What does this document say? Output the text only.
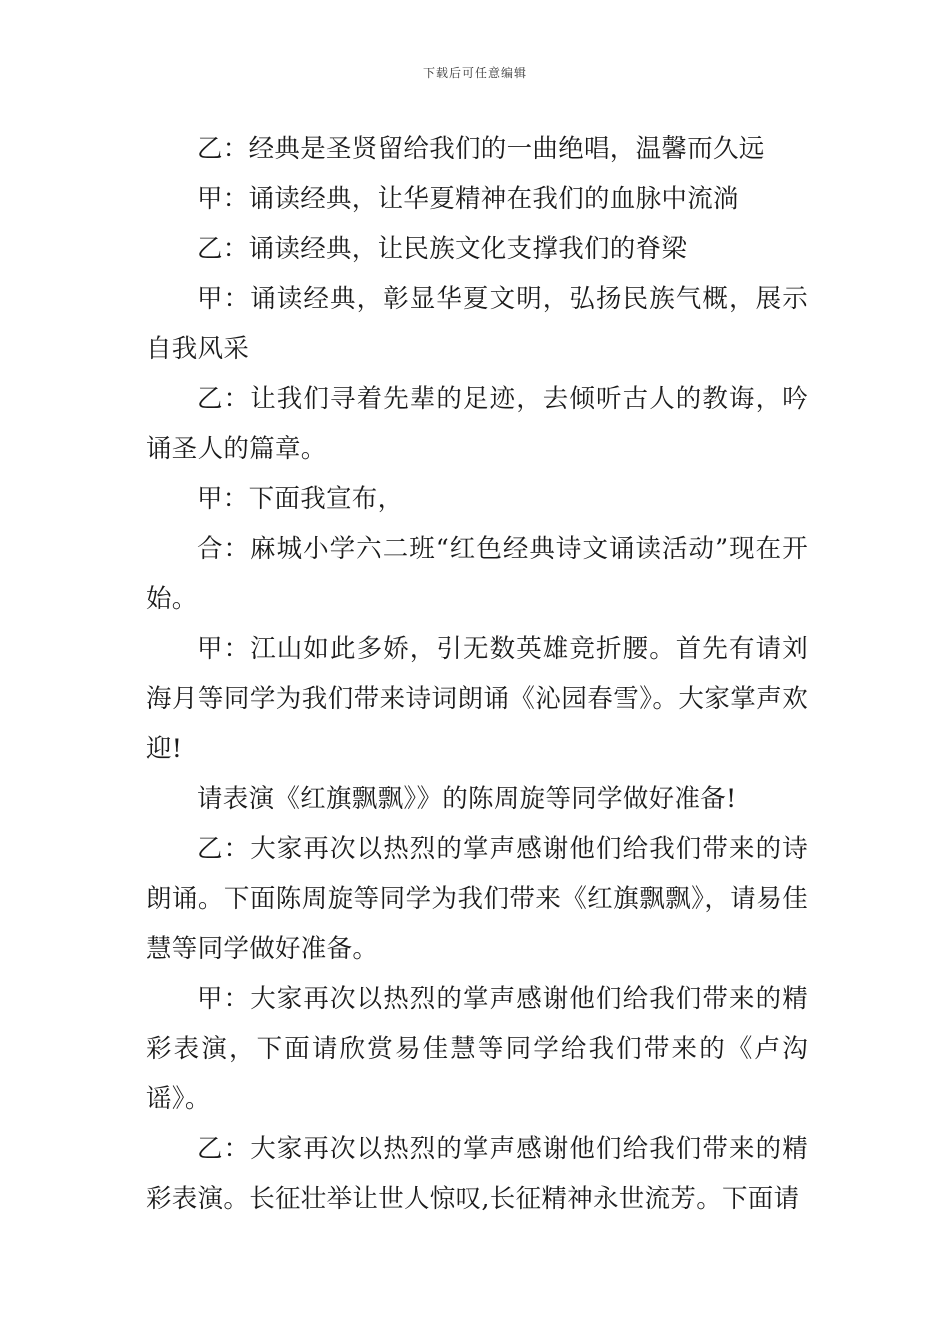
下载后可任意编辑

乙：经典是圣贤留给我们的一曲绝唱，温馨而久远

甲：诵读经典，让华夏精神在我们的血脉中流淌

乙：诵读经典，让民族文化支撑我们的脊梁

甲：诵读经典，彰显华夏文明，弘扬民族气概，展示自我风采

乙：让我们寻着先辈的足迹，去倾听古人的教诲，吟诵圣人的篇章。

甲：下面我宣布，

合：麻城小学六二班“红色经典诗文诵读活动”现在开始。

甲：江山如此多娇，引无数英雄竞折腰。首先有请刘海月等同学为我们带来诗词朗诵《沁园春雪》。大家掌声欢迎!

请表演《红旗飘飘》》的陈周旋等同学做好准备!

乙：大家再次以热烈的掌声感谢他们给我们带来的诗朗诵。下面陈周旋等同学为我们带来《红旗飘飘》，请易佳慧等同学做好准备。

甲：大家再次以热烈的掌声感谢他们给我们带来的精彩表演，下面请欣赏易佳慧等同学给我们带来的《卢沟谣》。

乙：大家再次以热烈的掌声感谢他们给我们带来的精彩表演。长征壮举让世人惊叹,长征精神永世流芳。下面请
